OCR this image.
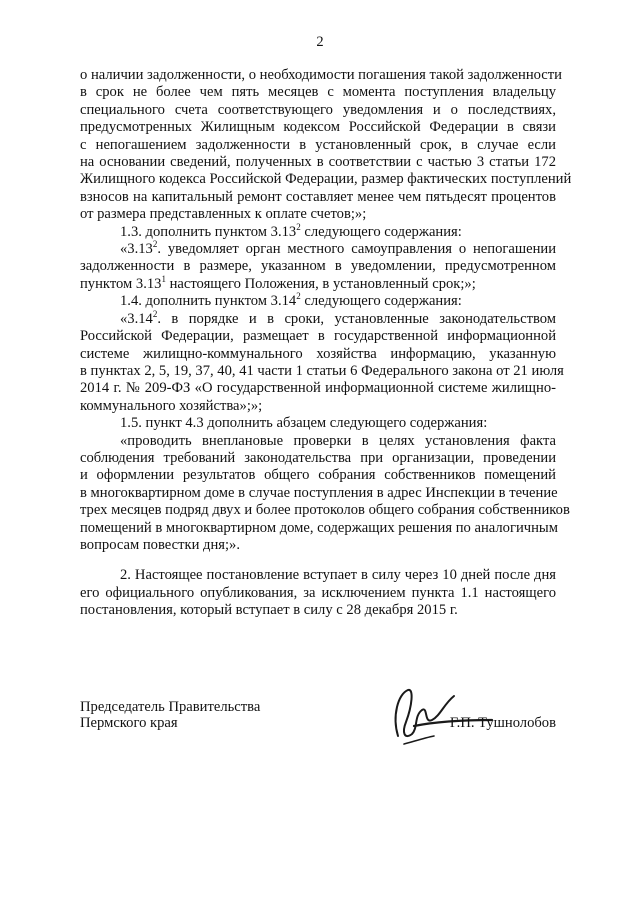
2
о наличии задолженности, о необходимости погашения такой задолженности
в срок не более чем пять месяцев с момента поступления владельцу
специального счета соответствующего уведомления и о последствиях,
предусмотренных Жилищным кодексом Российской Федерации в связи
с непогашением задолженности в установленный срок, в случае если
на основании сведений, полученных в соответствии с частью 3 статьи 172
Жилищного кодекса Российской Федерации, размер фактических поступлений
взносов на капитальный ремонт составляет менее чем пятьдесят процентов
от размера представленных к оплате счетов;»;
1.3. дополнить пунктом 3.13$^2$ следующего содержания:
«3.13$^2$. уведомляет орган местного самоуправления о непогашении
задолженности в размере, указанном в уведомлении, предусмотренном
пунктом 3.13$^1$ настоящего Положения, в установленный срок;»;
1.4. дополнить пунктом 3.14$^2$ следующего содержания:
«3.14$^2$. в порядке и в сроки, установленные законодательством
Российской Федерации, размещает в государственной информационной
системе жилищно-коммунального хозяйства информацию, указанную
в пунктах 2, 5, 19, 37, 40, 41 части 1 статьи 6 Федерального закона от 21 июля
2014 г. № 209-ФЗ «О государственной информационной системе жилищно-
коммунального хозяйства»;»;
1.5. пункт 4.3 дополнить абзацем следующего содержания:
«проводить внеплановые проверки в целях установления факта
соблюдения требований законодательства при организации, проведении
и оформлении результатов общего собрания собственников помещений
в многоквартирном доме в случае поступления в адрес Инспекции в течение
трех месяцев подряд двух и более протоколов общего собрания собственников
помещений в многоквартирном доме, содержащих решения по аналогичным
вопросам повестки дня;».
2. Настоящее постановление вступает в силу через 10 дней после дня
его официального опубликования, за исключением пункта 1.1 настоящего
постановления, который вступает в силу с 28 декабря 2015 г.
Председатель Правительства
Пермского края	Г.П. Тушнолобов
